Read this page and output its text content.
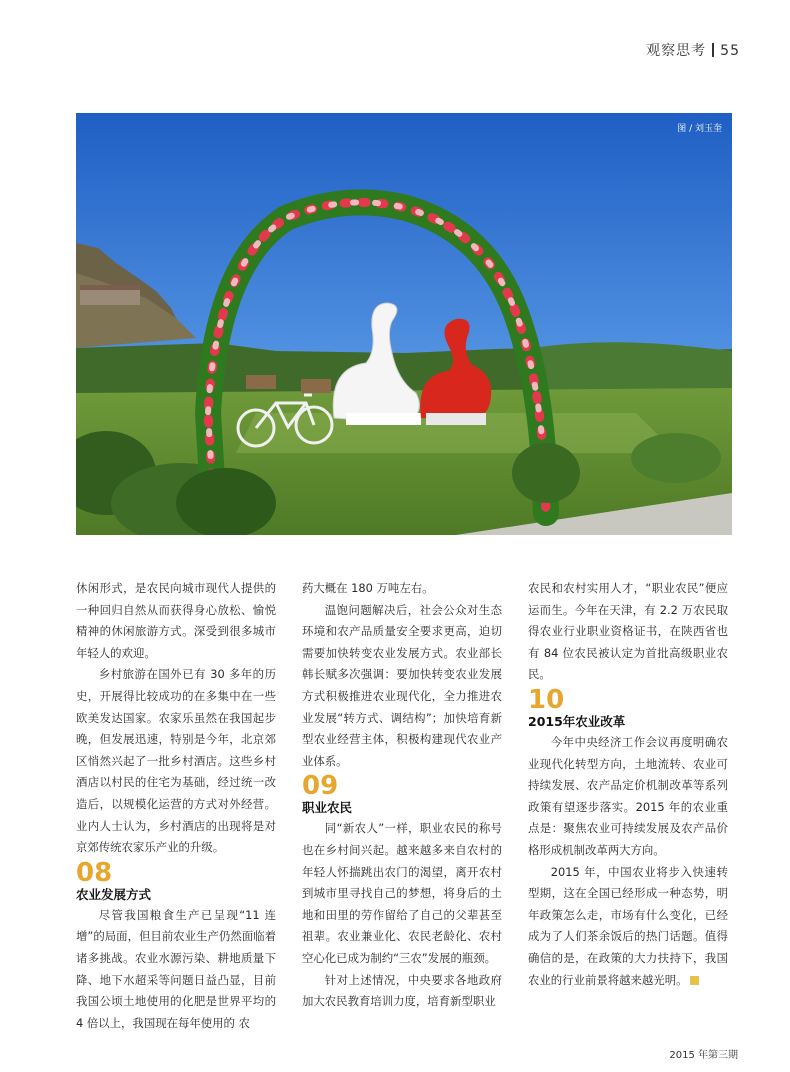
观察思考 55
图 / 刘玉奎

休闲形式，是农民向城市现代人提供的一种回归自然从而获得身心放松、愉悦精神的休闲旅游方式。深受到很多城市年轻人的欢迎。

乡村旅游在国外已有 30 多年的历史，开展得比较成功的在多集中在一些欧美发达国家。农家乐虽然在我国起步晚，但发展迅速，特别是今年，北京郊区悄然兴起了一批乡村酒店。这些乡村酒店以村民的住宅为基础，经过统一改造后，以规模化运营的方式对外经营。业内人士认为，乡村酒店的出现将是对京郊传统农家乐产业的升级。

08
农业发展方式

尽管我国粮食生产已呈现“11 连增”的局面，但目前农业生产仍然面临着诸多挑战。农业水源污染、耕地质量下降、地下水超采等问题日益凸显，目前我国公顷土地使用的化肥是世界平均的 4 倍以上，我国现在每年使用的 农

药大概在 180 万吨左右。

温饱问题解决后，社会公众对生态环境和农产品质量安全要求更高，迫切需要加快转变农业发展方式。农业部长韩长赋多次强调：要加快转变农业发展方式积极推进农业现代化，全力推进农业发展“转方式、调结构”；加快培育新型农业经营主体，积极构建现代农业产业体系。

09
职业农民

同“新农人”一样，职业农民的称号也在乡村间兴起。越来越多来自农村的年轻人怀揣跳出农门的渴望，离开农村到城市里寻找自己的梦想，将身后的土地和田里的劳作留给了自己的父辈甚至祖辈。农业兼业化、农民老龄化、农村空心化已成为制约“三农”发展的瓶颈。

针对上述情况，中央要求各地政府加大农民教育培训力度，培育新型职业

农民和农村实用人才，“职业农民”便应运而生。今年在天津，有 2.2 万农民取得农业行业职业资格证书，在陕西省也有 84 位农民被认定为首批高级职业农民。

10
2015年农业改革

今年中央经济工作会议再度明确农业现代化转型方向，土地流转、农业可持续发展、农产品定价机制改革等系列政策有望逐步落实。2015 年的农业重点是：聚焦农业可持续发展及农产品价格形成机制改革两大方向。

2015 年，中国农业将步入快速转型期，这在全国已经形成一种态势，明年政策怎么走，市场有什么变化，已经成为了人们茶余饭后的热门话题。值得确信的是，在政策的大力扶持下，我国农业的行业前景将越来越光明。

2015 年第三期
